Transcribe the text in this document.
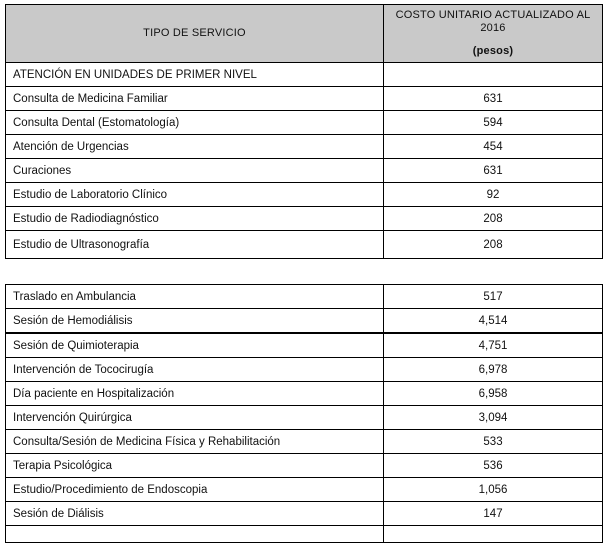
TIPO DE SERVICIO	COSTO UNITARIO ACTUALIZADO AL
2016
(pesos)

ATENCIÓN EN UNIDADES DE PRIMER NIVEL	
Consulta de Medicina Familiar	631
Consulta Dental (Estomatología)	594
Atención de Urgencias	454
Curaciones	631
Estudio de Laboratorio Clínico	92
Estudio de Radiodiagnóstico	208
Estudio de Ultrasonografía	208
Traslado en Ambulancia	517
Sesión de Hemodiálisis	4,514
Sesión de Quimioterapia	4,751
Intervención de Tococirugía	6,978
Día paciente en Hospitalización	6,958
Intervención Quirúrgica	3,094
Consulta/Sesión de Medicina Física y Rehabilitación	533
Terapia Psicológica	536
Estudio/Procedimiento de Endoscopia	1,056
Sesión de Diálisis	147
